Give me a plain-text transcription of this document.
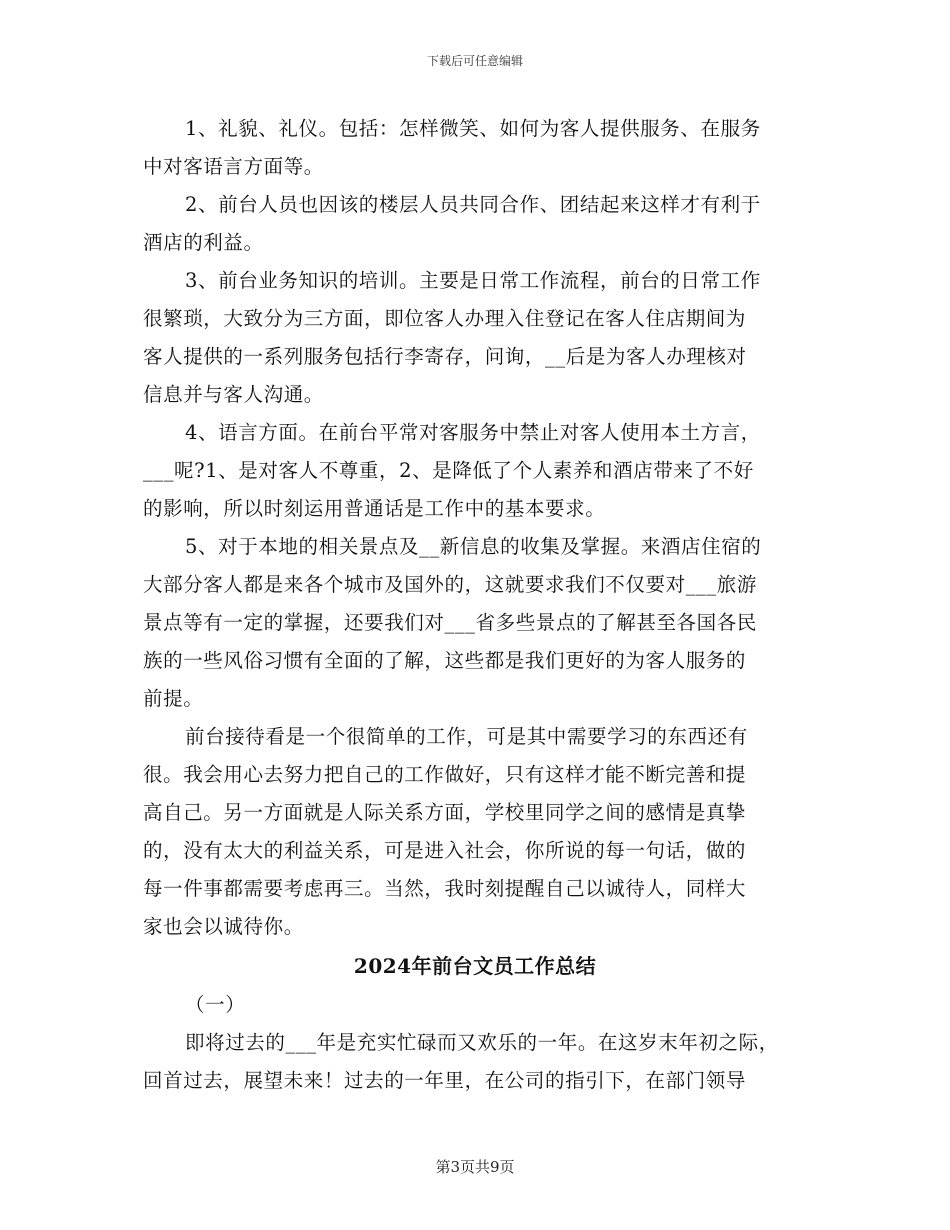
下载后可任意编辑
1、礼貌、礼仪。包括：怎样微笑、如何为客人提供服务、在服务
中对客语言方面等。
2、前台人员也因该的楼层人员共同合作、团结起来这样才有利于
酒店的利益。
3、前台业务知识的培训。主要是日常工作流程，前台的日常工作
很繁琐，大致分为三方面，即位客人办理入住登记在客人住店期间为
客人提供的一系列服务包括行李寄存，问询，__后是为客人办理核对
信息并与客人沟通。
4、语言方面。在前台平常对客服务中禁止对客人使用本土方言，
___呢?1、是对客人不尊重，2、是降低了个人素养和酒店带来了不好
的影响，所以时刻运用普通话是工作中的基本要求。
5、对于本地的相关景点及__新信息的收集及掌握。来酒店住宿的
大部分客人都是来各个城市及国外的，这就要求我们不仅要对___旅游
景点等有一定的掌握，还要我们对___省多些景点的了解甚至各国各民
族的一些风俗习惯有全面的了解，这些都是我们更好的为客人服务的
前提。
前台接待看是一个很简单的工作，可是其中需要学习的东西还有
很。我会用心去努力把自己的工作做好，只有这样才能不断完善和提
高自己。另一方面就是人际关系方面，学校里同学之间的感情是真挚
的，没有太大的利益关系，可是进入社会，你所说的每一句话，做的
每一件事都需要考虑再三。当然，我时刻提醒自己以诚待人，同样大
家也会以诚待你。
2024年前台文员工作总结
（一）
即将过去的___年是充实忙碌而又欢乐的一年。在这岁末年初之际，
回首过去，展望未来！过去的一年里，在公司的指引下，在部门领导
第3页共9页
